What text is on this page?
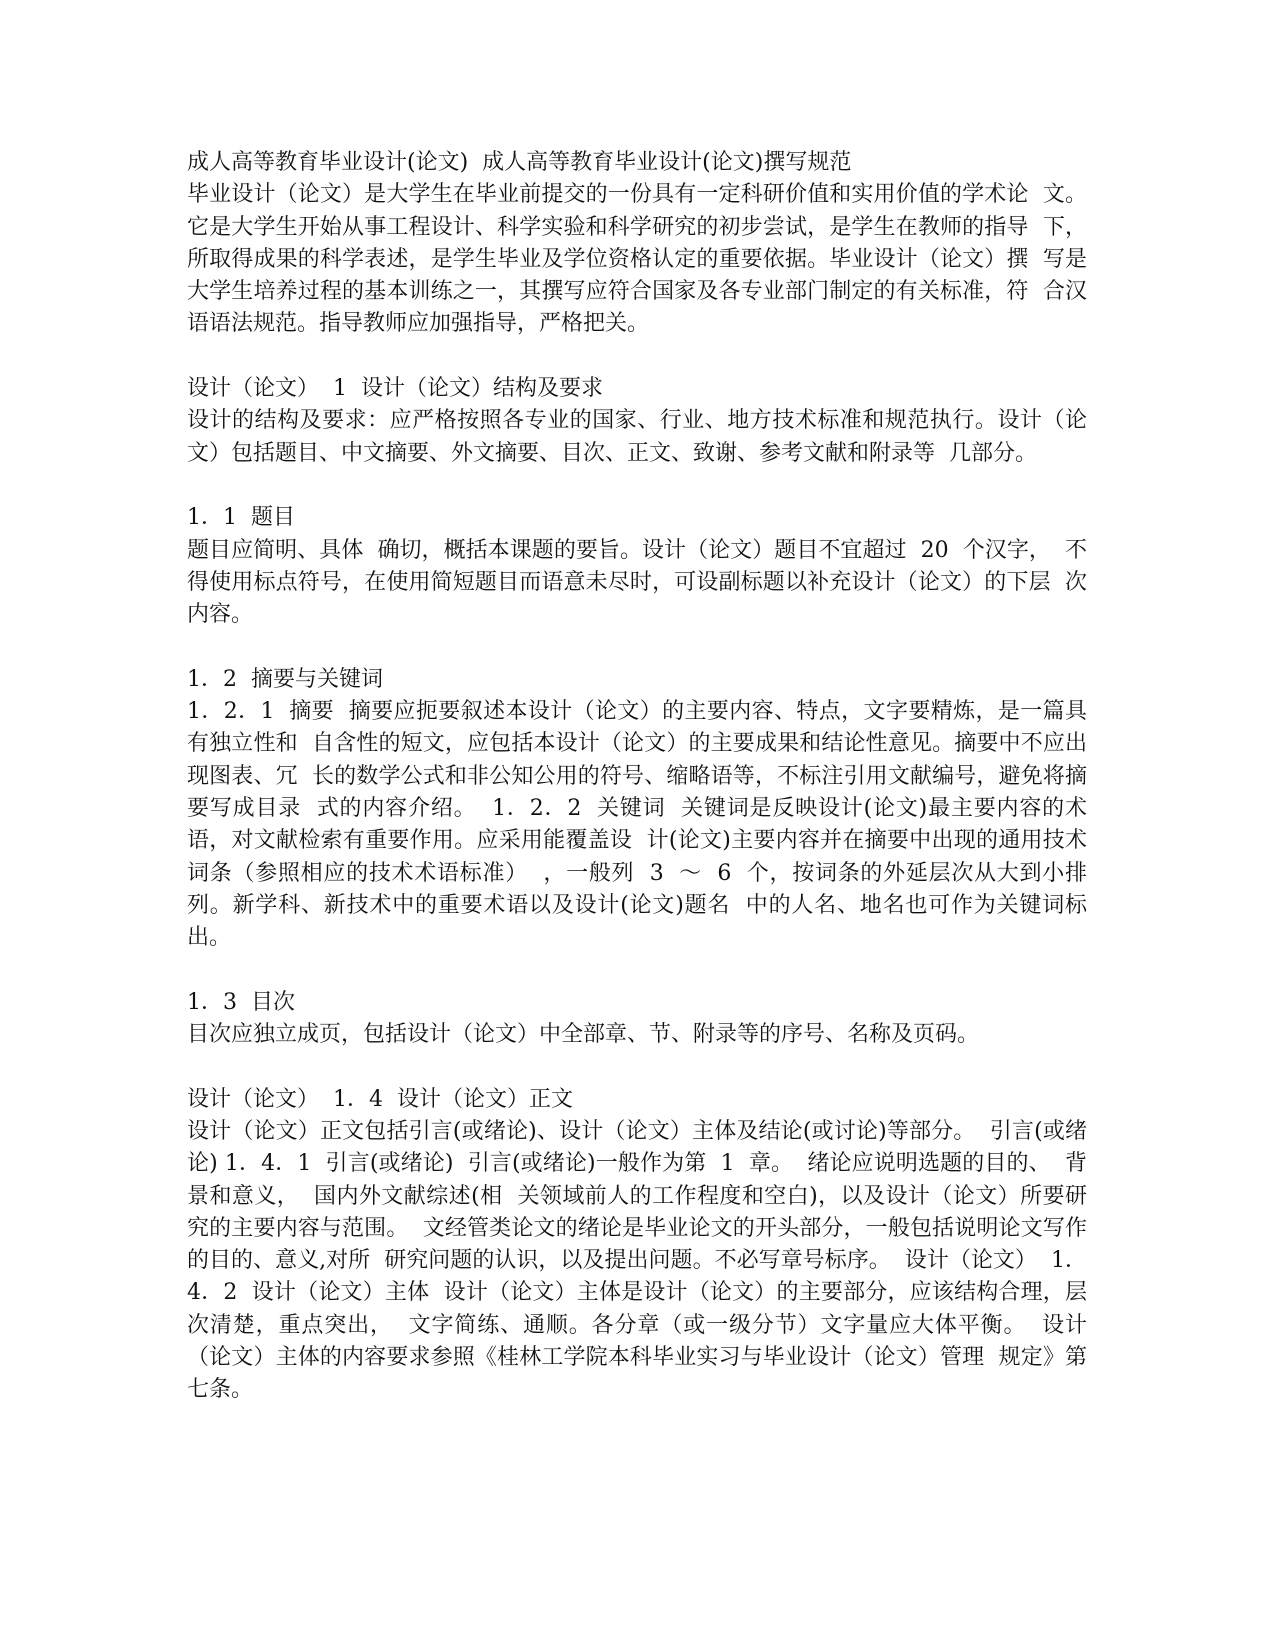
成人高等教育毕业设计(论文)  成人高等教育毕业设计(论文)撰写规范

毕业设计（论文）是大学生在毕业前提交的一份具有一定科研价值和实用价值的学术论  文。它是大学生开始从事工程设计、科学实验和科学研究的初步尝试，是学生在教师的指导  下，所取得成果的科学表述，是学生毕业及学位资格认定的重要依据。毕业设计（论文）撰  写是大学生培养过程的基本训练之一，其撰写应符合国家及各专业部门制定的有关标准，符  合汉语语法规范。指导教师应加强指导，严格把关。

设计（论文）  1  设计（论文）结构及要求

设计的结构及要求：应严格按照各专业的国家、行业、地方技术标准和规范执行。设计（论文）包括题目、中文摘要、外文摘要、目次、正文、致谢、参考文献和附录等  几部分。

1．1  题目

题目应简明、具体  确切，概括本课题的要旨。设计（论文）题目不宜超过  20  个汉字，  不得使用标点符号，在使用简短题目而语意未尽时，可设副标题以补充设计（论文）的下层  次内容。

1．2  摘要与关键词

1．2．1  摘要  摘要应扼要叙述本设计（论文）的主要内容、特点，文字要精炼，是一篇具有独立性和  自含性的短文，应包括本设计（论文）的主要成果和结论性意见。摘要中不应出现图表、冗  长的数学公式和非公知公用的符号、缩略语等，不标注引用文献编号，避免将摘要写成目录  式的内容介绍。  1．2．2  关键词  关键词是反映设计(论文)最主要内容的术语，对文献检索有重要作用。应采用能覆盖设  计(论文)主要内容并在摘要中出现的通用技术词条（参照相应的技术术语标准）  ，一般列  3  ～  6  个，按词条的外延层次从大到小排列。新学科、新技术中的重要术语以及设计(论文)题名  中的人名、地名也可作为关键词标出。

1．3  目次

目次应独立成页，包括设计（论文）中全部章、节、附录等的序号、名称及页码。

设计（论文）  1．4  设计（论文）正文

设计（论文）正文包括引言(或绪论)、设计（论文）主体及结论(或讨论)等部分。  引言(或绪论) 1．4．1  引言(或绪论)  引言(或绪论)一般作为第  1  章。  绪论应说明选题的目的、  背景和意义，  国内外文献综述(相  关领域前人的工作程度和空白)，以及设计（论文）所要研究的主要内容与范围。  文经管类论文的绪论是毕业论文的开头部分，一般包括说明论文写作的目的、意义,对所  研究问题的认识，以及提出问题。不必写章号标序。  设计（论文）  1．4．2  设计（论文）主体  设计（论文）主体是设计（论文）的主要部分，应该结构合理，层次清楚，重点突出，  文字简练、通顺。各分章（或一级分节）文字量应大体平衡。  设计（论文）主体的内容要求参照《桂林工学院本科毕业实习与毕业设计（论文）管理  规定》第七条。
